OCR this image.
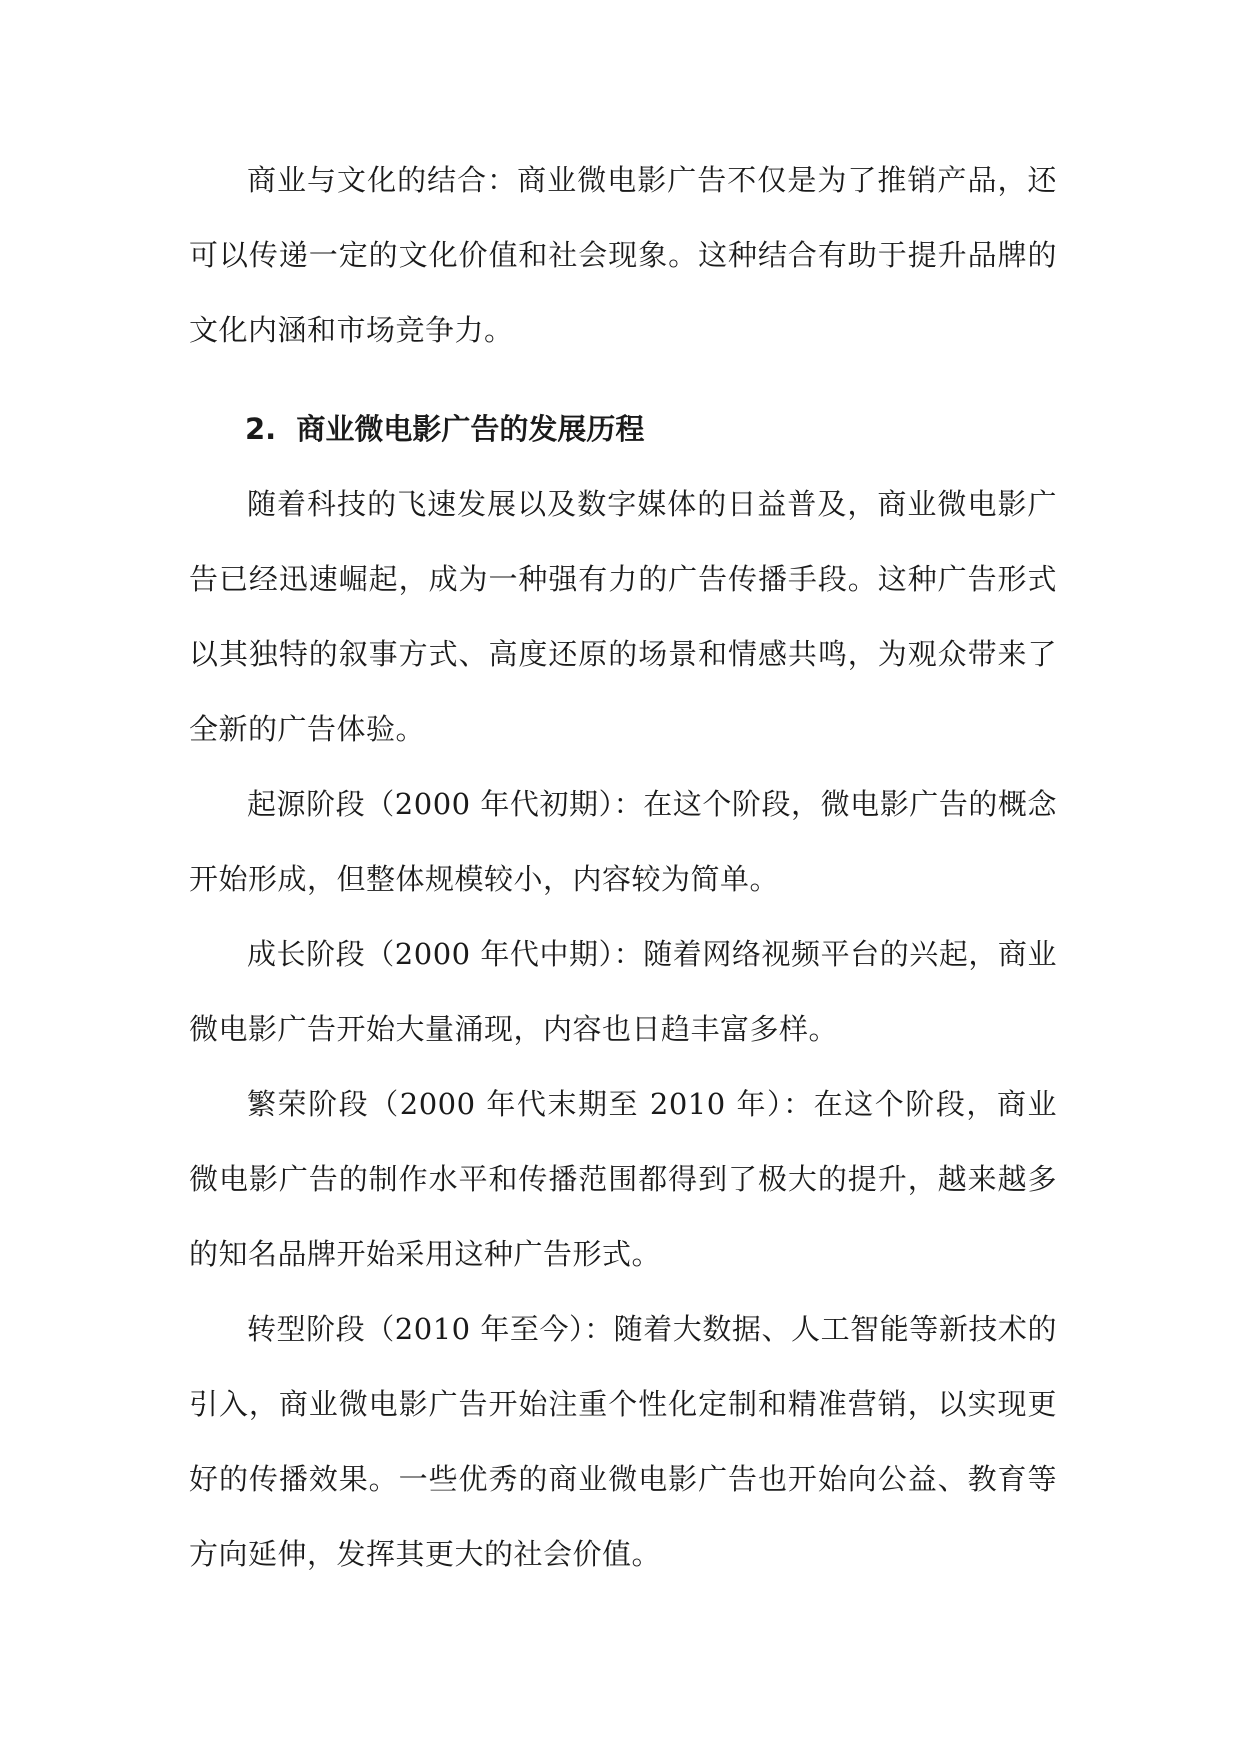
商业与文化的结合：商业微电影广告不仅是为了推销产品，还可以传递一定的文化价值和社会现象。这种结合有助于提升品牌的文化内涵和市场竞争力。

2. 商业微电影广告的发展历程

随着科技的飞速发展以及数字媒体的日益普及，商业微电影广告已经迅速崛起，成为一种强有力的广告传播手段。这种广告形式以其独特的叙事方式、高度还原的场景和情感共鸣，为观众带来了全新的广告体验。

起源阶段（2000 年代初期）：在这个阶段，微电影广告的概念开始形成，但整体规模较小，内容较为简单。

成长阶段（2000 年代中期）：随着网络视频平台的兴起，商业微电影广告开始大量涌现，内容也日趋丰富多样。

繁荣阶段（2000 年代末期至 2010 年）：在这个阶段，商业微电影广告的制作水平和传播范围都得到了极大的提升，越来越多的知名品牌开始采用这种广告形式。

转型阶段（2010 年至今）：随着大数据、人工智能等新技术的引入，商业微电影广告开始注重个性化定制和精准营销，以实现更好的传播效果。一些优秀的商业微电影广告也开始向公益、教育等方向延伸，发挥其更大的社会价值。
